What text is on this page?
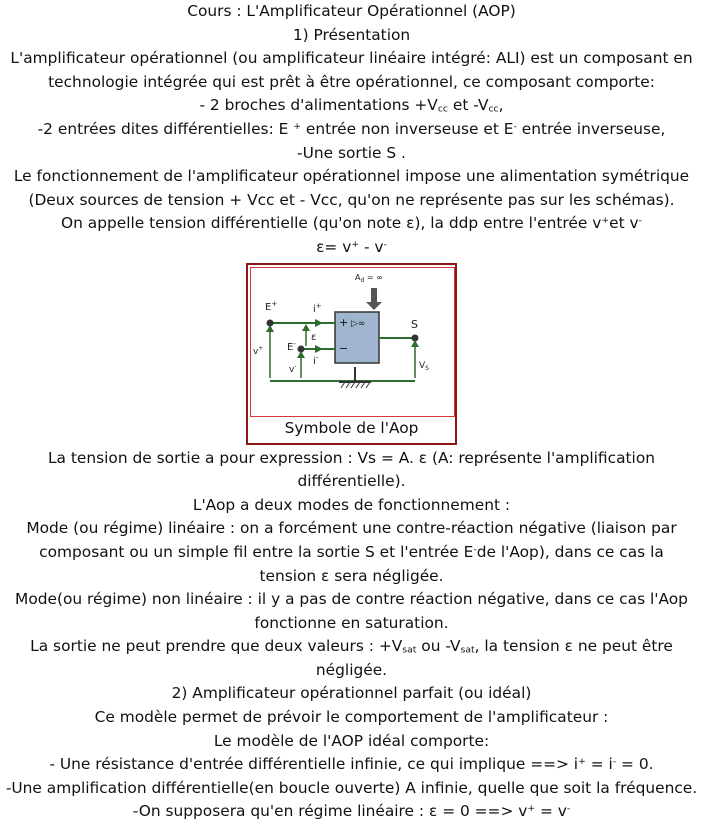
Cours : L'Amplificateur Opérationnel (AOP)
1) Présentation
L'amplificateur opérationnel (ou amplificateur linéaire intégré: ALI) est un composant en
technologie intégrée qui est prêt à être opérationnel, ce composant comporte:
- 2 broches d'alimentations $+V_{cc}$ et $-V_{cc}$,
-2 entrées dites différentielles: E + entrée non inverseuse et E- entrée inverseuse,
-Une sortie S .
Le fonctionnement de l'amplificateur opérationnel impose une alimentation symétrique
(Deux sources de tension + Vcc et - Vcc, qu'on ne représente pas sur les schémas).
On appelle tension différentielle (qu'on note ε), la ddp entre l'entrée v+et v-
ε= v+ - v-
$A_d$ = ∞
+
−
▷∞
E+	i+
v+
ε
E-
i-
v-
S
$V_S$
Symbole de l'Aop
La tension de sortie a pour expression : Vs = A. ε (A: représente l'amplification
différentielle).
L'Aop a deux modes de fonctionnement :
Mode (ou régime) linéaire : on a forcément une contre-réaction négative (liaison par
composant ou un simple fil entre la sortie S et l'entrée E-de l'Aop), dans ce cas la
tension ε sera négligée.
Mode(ou régime) non linéaire : il y a pas de contre réaction négative, dans ce cas l'Aop
fonctionne en saturation.
La sortie ne peut prendre que deux valeurs : $+V_{sat}$ ou $-V_{sat}$, la tension ε ne peut être
négligée.
2) Amplificateur opérationnel parfait (ou idéal)
Ce modèle permet de prévoir le comportement de l'amplificateur :
Le modèle de l'AOP idéal comporte:
- Une résistance d'entrée différentielle infinie, ce qui implique ==> i+ = i- = 0.
-Une amplification différentielle(en boucle ouverte) A infinie, quelle que soit la fréquence.
-On supposera qu'en régime linéaire : ε = 0 ==> v+ = v-
